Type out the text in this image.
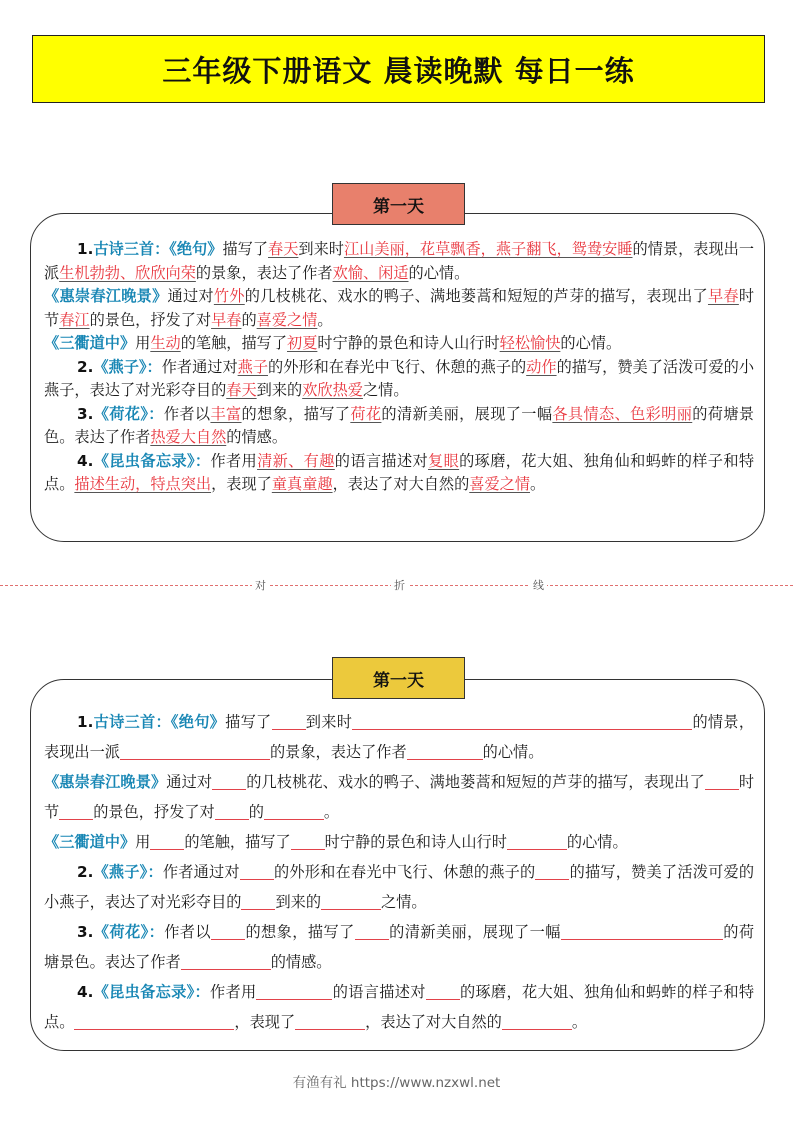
三年级下册语文 晨读晚默 每日一练
第一天

1.古诗三首：《绝句》描写了春天到来时江山美丽，花草飘香，燕子翻飞，鸳鸯安睡的情景，表现出一派生机勃勃、欣欣向荣的景象，表达了作者欢愉、闲适的心情。

《惠崇春江晚景》通过对竹外的几枝桃花、戏水的鸭子、满地蒌蒿和短短的芦芽的描写，表现出了早春时节春江的景色，抒发了对早春的喜爱之情。

《三衢道中》用生动的笔触，描写了初夏时宁静的景色和诗人山行时轻松愉快的心情。

2.《燕子》：作者通过对燕子的外形和在春光中飞行、休憩的燕子的动作的描写，赞美了活泼可爱的小燕子，表达了对光彩夺目的春天到来的欢欣热爱之情。

3.《荷花》：作者以丰富的想象，描写了荷花的清新美丽，展现了一幅各具情态、色彩明丽的荷塘景色。表达了作者热爱大自然的情感。

4.《昆虫备忘录》：作者用清新、有趣的语言描述对复眼的琢磨，花大姐、独角仙和蚂蚱的样子和特点。描述生动，特点突出，表现了童真童趣，表达了对大自然的喜爱之情。

对	折	线
第一天

1.古诗三首：《绝句》描写了 到来时	的情景，表现出一派	的景象，表达了作者	的心情。

《惠崇春江晚景》通过对 的几枝桃花、戏水的鸭子、满地蒌蒿和短短的芦芽的描写，表现出了 时节 的景色，抒发了对 的	。

《三衢道中》用 的笔触，描写了 时宁静的景色和诗人山行时	的心情。

2.《燕子》：作者通过对 的外形和在春光中飞行、休憩的燕子的 的描写，赞美了活泼可爱的小燕子，表达了对光彩夺目的 到来的	之情。

3.《荷花》：作者以 的想象，描写了 的清新美丽，展现了一幅	的荷塘景色。表达了作者	的情感。

4.《昆虫备忘录》：作者用	的语言描述对 的琢磨，花大姐、独角仙和蚂蚱的样子和特点。	，表现了	，表达了对大自然的	。

有渔有礼 https://www.nzxwl.net
